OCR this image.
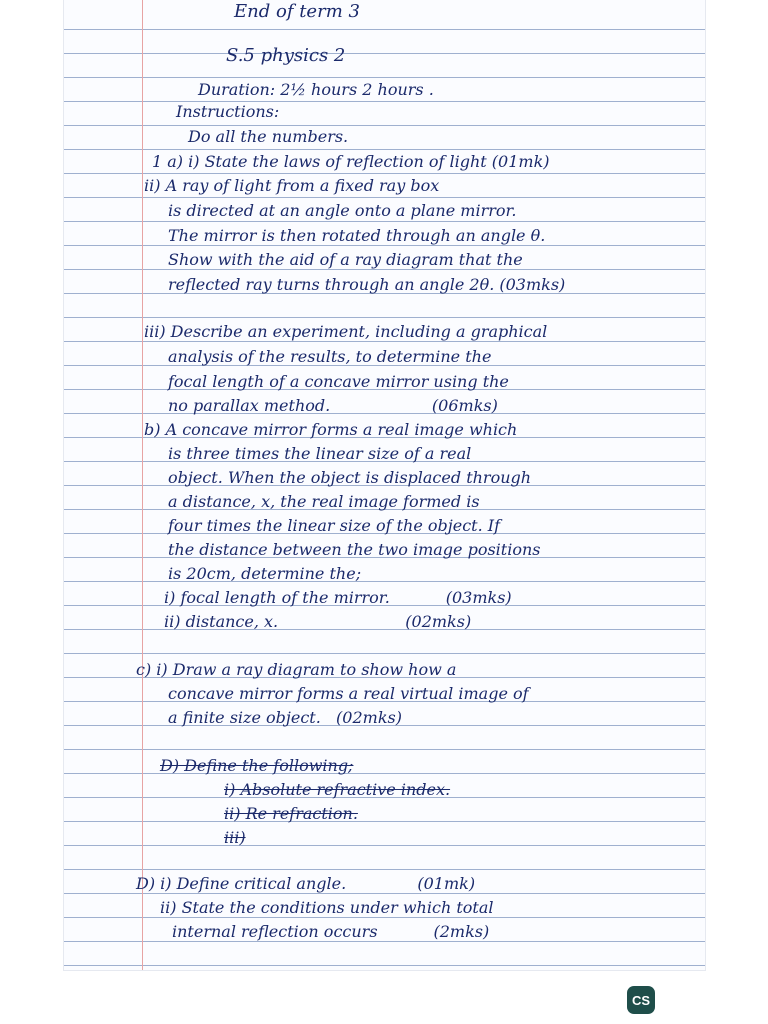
End of term 3

S.5 physics 2

Duration: 2½ hours 2 hours .

Instructions:

Do all the numbers.

1 a) i) State the laws of reflection of light (01mk)

ii) A ray of light from a fixed ray box

is directed at an angle onto a plane mirror.

The mirror is then rotated through an angle θ.

Show with the aid of a ray diagram that the

reflected ray turns through an angle 2θ. (03mks)

iii) Describe an experiment, including a graphical

analysis of the results, to determine the

focal length of a concave mirror using the

no parallax method.                    (06mks)

b) A concave mirror forms a real image which

is three times the linear size of a real

object. When the object is displaced through

a distance, x, the real image formed is

four times the linear size of the object. If

the distance between the two image positions

is 20cm, determine the;

i) focal length of the mirror.           (03mks)

ii) distance, x.                         (02mks)

c) i) Draw a ray diagram to show how a

concave mirror forms a real virtual image of

a finite size object.   (02mks)

D) Define the following;

i) Absolute refractive index.

ii) Re refraction.

iii)

D) i) Define critical angle.              (01mk)

ii) State the conditions under which total

internal reflection occurs           (2mks)

CS
